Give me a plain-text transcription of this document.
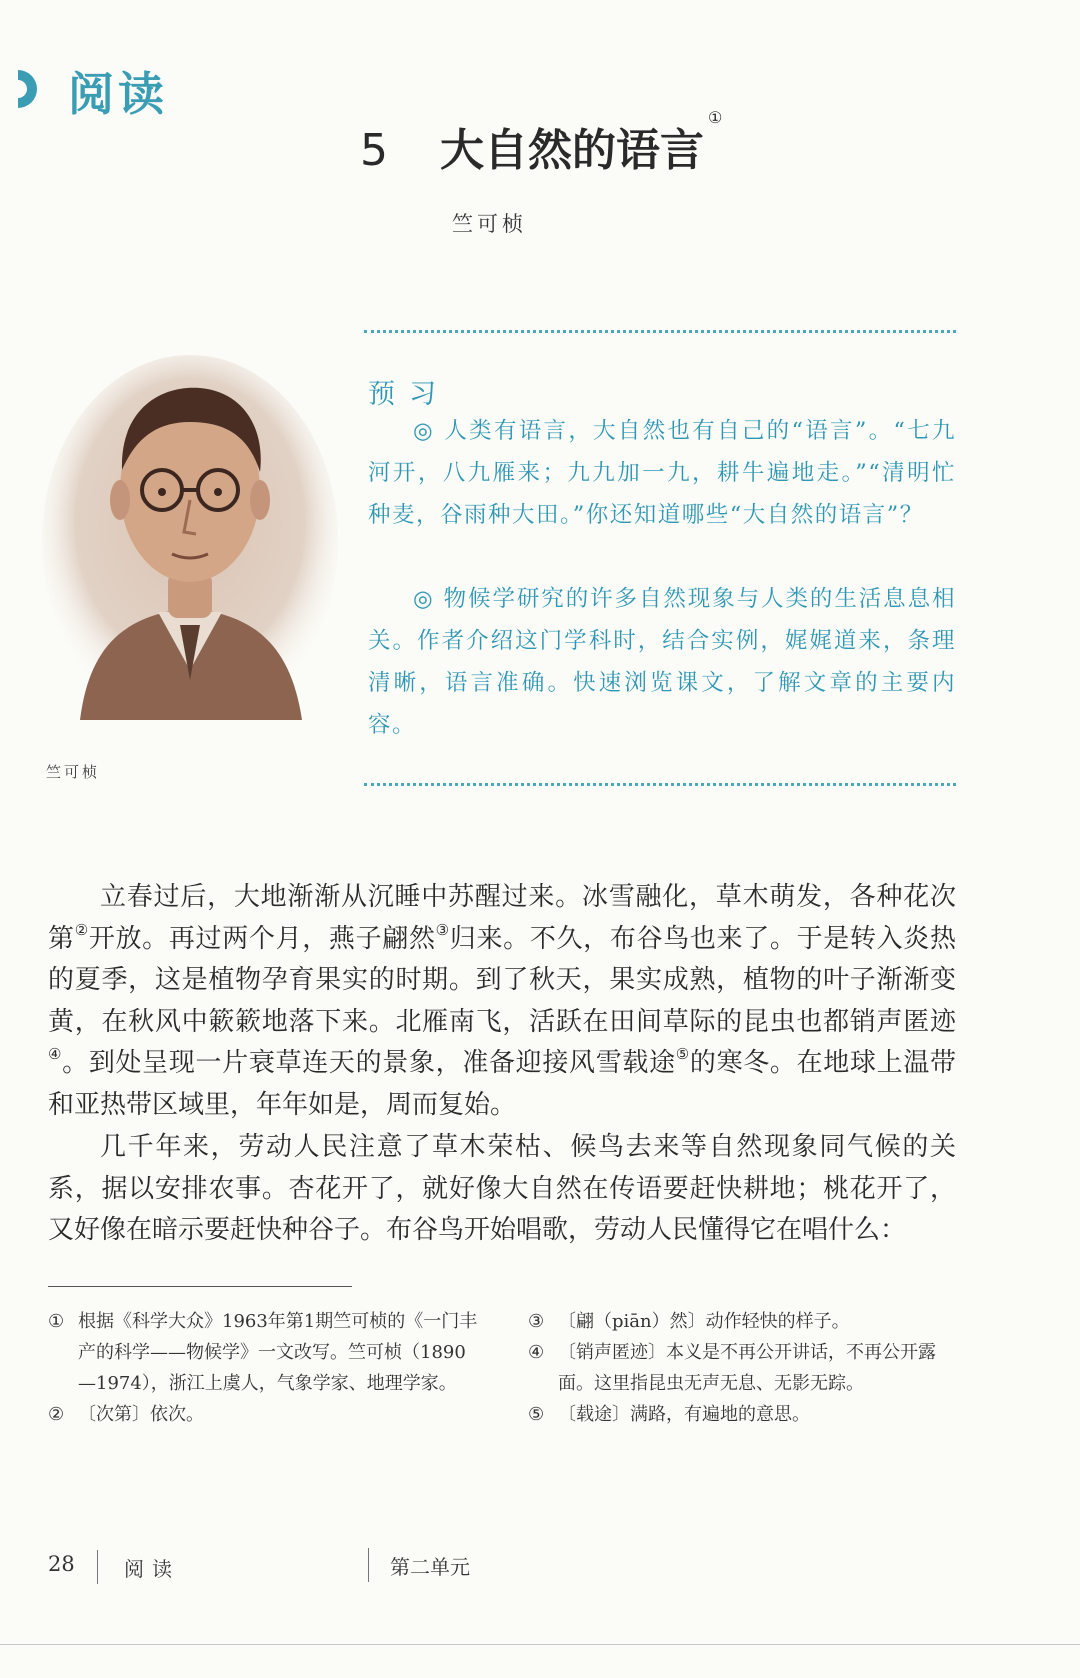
阅读
5 大自然的语言①
竺可桢
竺可桢
预习

◎ 人类有语言，大自然也有自己的“语言”。“七九河开，八九雁来；九九加一九，耕牛遍地走。”“清明忙种麦，谷雨种大田。”你还知道哪些“大自然的语言”？

◎ 物候学研究的许多自然现象与人类的生活息息相关。作者介绍这门学科时，结合实例，娓娓道来，条理清晰，语言准确。快速浏览课文，了解文章的主要内容。

立春过后，大地渐渐从沉睡中苏醒过来。冰雪融化，草木萌发，各种花次第②开放。再过两个月，燕子翩然③归来。不久，布谷鸟也来了。于是转入炎热的夏季，这是植物孕育果实的时期。到了秋天，果实成熟，植物的叶子渐渐变黄，在秋风中簌簌地落下来。北雁南飞，活跃在田间草际的昆虫也都销声匿迹④。到处呈现一片衰草连天的景象，准备迎接风雪载途⑤的寒冬。在地球上温带和亚热带区域里，年年如是，周而复始。

几千年来，劳动人民注意了草木荣枯、候鸟去来等自然现象同气候的关系，据以安排农事。杏花开了，就好像大自然在传语要赶快耕地；桃花开了，又好像在暗示要赶快种谷子。布谷鸟开始唱歌，劳动人民懂得它在唱什么：

① 根据《科学大众》1963年第1期竺可桢的《一门丰产的科学——物候学》一文改写。竺可桢（1890—1974），浙江上虞人，气象学家、地理学家。

② 〔次第〕依次。

③ 〔翩（piān）然〕动作轻快的样子。

④ 〔销声匿迹〕本义是不再公开讲话，不再公开露面。这里指昆虫无声无息、无影无踪。

⑤ 〔载途〕满路，有遍地的意思。

28 阅读	第二单元
